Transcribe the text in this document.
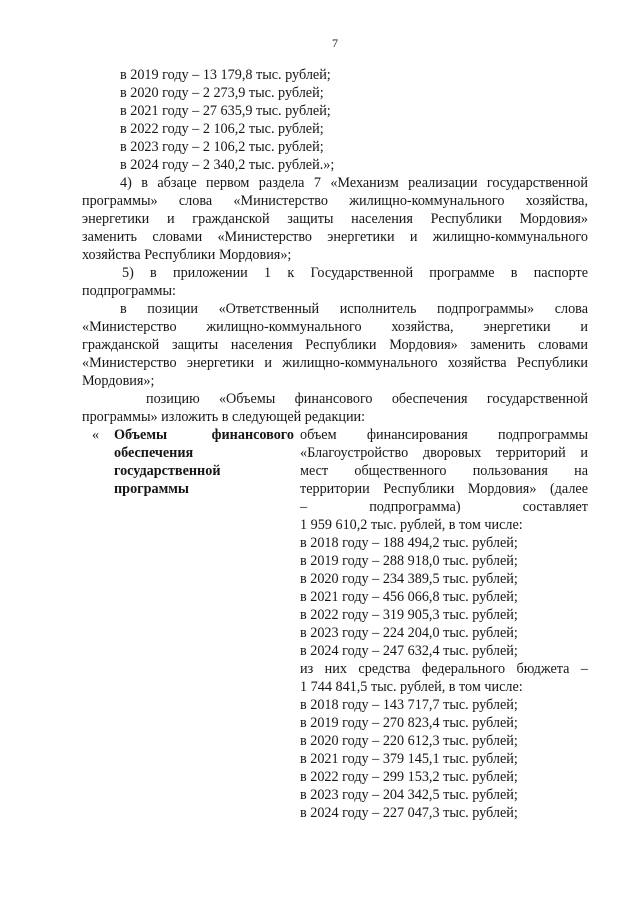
7
в 2019 году – 13 179,8 тыс. рублей;
в 2020 году – 2 273,9 тыс. рублей;
в 2021 году – 27 635,9 тыс. рублей;
в 2022 году – 2 106,2 тыс. рублей;
в 2023 году – 2 106,2 тыс. рублей;
в 2024 году – 2 340,2 тыс. рублей.»;
4) в абзаце первом раздела 7 «Механизм реализации государственной
программы» слова «Министерство жилищно-коммунального хозяйства,
энергетики и гражданской защиты населения Республики Мордовия»
заменить словами «Министерство энергетики и жилищно-коммунального
хозяйства Республики Мордовия»;
5) в приложении 1 к Государственной программе в паспорте
подпрограммы:
в позиции «Ответственный исполнитель подпрограммы» слова
«Министерство жилищно-коммунального хозяйства, энергетики и
гражданской защиты населения Республики Мордовия» заменить словами
«Министерство энергетики и жилищно-коммунального хозяйства Республики
Мордовия»;
позицию «Объемы финансового обеспечения государственной
программы» изложить в следующей редакции:
« Объемы финансового
обеспечения
государственной
программы
объем финансирования подпрограммы
«Благоустройство дворовых территорий и
мест общественного пользования на
территории Республики Мордовия» (далее
– подпрограмма) составляет
1 959 610,2 тыс. рублей, в том числе:
в 2018 году – 188 494,2 тыс. рублей;
в 2019 году – 288 918,0 тыс. рублей;
в 2020 году – 234 389,5 тыс. рублей;
в 2021 году – 456 066,8 тыс. рублей;
в 2022 году – 319 905,3 тыс. рублей;
в 2023 году – 224 204,0 тыс. рублей;
в 2024 году – 247 632,4 тыс. рублей;
из них средства федерального бюджета –
1 744 841,5 тыс. рублей, в том числе:
в 2018 году – 143 717,7 тыс. рублей;
в 2019 году – 270 823,4 тыс. рублей;
в 2020 году – 220 612,3 тыс. рублей;
в 2021 году – 379 145,1 тыс. рублей;
в 2022 году – 299 153,2 тыс. рублей;
в 2023 году – 204 342,5 тыс. рублей;
в 2024 году – 227 047,3 тыс. рублей;
